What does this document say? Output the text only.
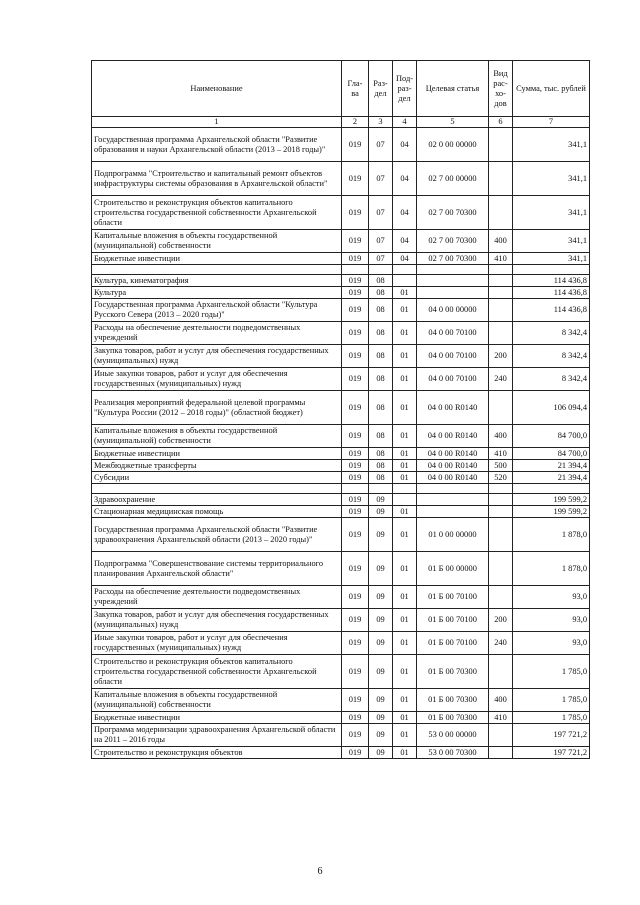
Наименование	Гла-ва	Раз-дел	Под-раз-дел	Целевая статья	Вид рас-хо-дов	Сумма, тыс. рублей
1	2	3	4	5	6	7
Государственная программа Архангельской области "Развитие образования и науки Архангельской области (2013 – 2018 годы)"	019	07	04	02 0 00 00000		341,1
Подпрограмма "Строительство и капитальный ремонт объектов инфраструктуры системы образования в Архангельской области"	019	07	04	02 7 00 00000		341,1
Строительство и реконструкция объектов капитального строительства государственной собственности Архангельской области	019	07	04	02 7 00 70300		341,1
Капитальные вложения в объекты государственной (муниципальной) собственности	019	07	04	02 7 00 70300	400	341,1
Бюджетные инвестиции	019	07	04	02 7 00 70300	410	341,1

Культура, кинематография	019	08				114 436,8
Культура	019	08	01			114 436,8
Государственная программа Архангельской области "Культура Русского Севера (2013 – 2020 годы)"	019	08	01	04 0 00 00000		114 436,8
Расходы на обеспечение деятельности подведомственных учреждений	019	08	01	04 0 00 70100		8 342,4
Закупка товаров, работ и услуг для обеспечения государственных (муниципальных) нужд	019	08	01	04 0 00 70100	200	8 342,4
Иные закупки товаров, работ и услуг для обеспечения государственных (муниципальных) нужд	019	08	01	04 0 00 70100	240	8 342,4
Реализация мероприятий федеральной целевой программы "Культура России (2012 – 2018 годы)" (областной бюджет)	019	08	01	04 0 00 R0140		106 094,4
Капитальные вложения в объекты государственной (муниципальной) собственности	019	08	01	04 0 00 R0140	400	84 700,0
Бюджетные инвестиции	019	08	01	04 0 00 R0140	410	84 700,0
Межбюджетные трансферты	019	08	01	04 0 00 R0140	500	21 394,4
Субсидии	019	08	01	04 0 00 R0140	520	21 394,4

Здравоохранение	019	09				199 599,2
Стационарная медицинская помощь	019	09	01			199 599,2
Государственная программа Архангельской области "Развитие здравоохранения Архангельской области (2013 – 2020 годы)"	019	09	01	01 0 00 00000		1 878,0
Подпрограмма "Совершенствование системы территориального планирования Архангельской области"	019	09	01	01 Б 00 00000		1 878,0
Расходы на обеспечение деятельности подведомственных учреждений	019	09	01	01 Б 00 70100		93,0
Закупка товаров, работ и услуг для обеспечения государственных (муниципальных) нужд	019	09	01	01 Б 00 70100	200	93,0
Иные закупки товаров, работ и услуг для обеспечения государственных (муниципальных) нужд	019	09	01	01 Б 00 70100	240	93,0
Строительство и реконструкция объектов капитального строительства государственной собственности Архангельской области	019	09	01	01 Б 00 70300		1 785,0
Капитальные вложения в объекты государственной (муниципальной) собственности	019	09	01	01 Б 00 70300	400	1 785,0
Бюджетные инвестиции	019	09	01	01 Б 00 70300	410	1 785,0
Программа модернизации здравоохранения Архангельской области на 2011 – 2016 годы	019	09	01	53 0 00 00000		197 721,2
Строительство и реконструкция объектов	019	09	01	53 0 00 70300		197 721,2
6
